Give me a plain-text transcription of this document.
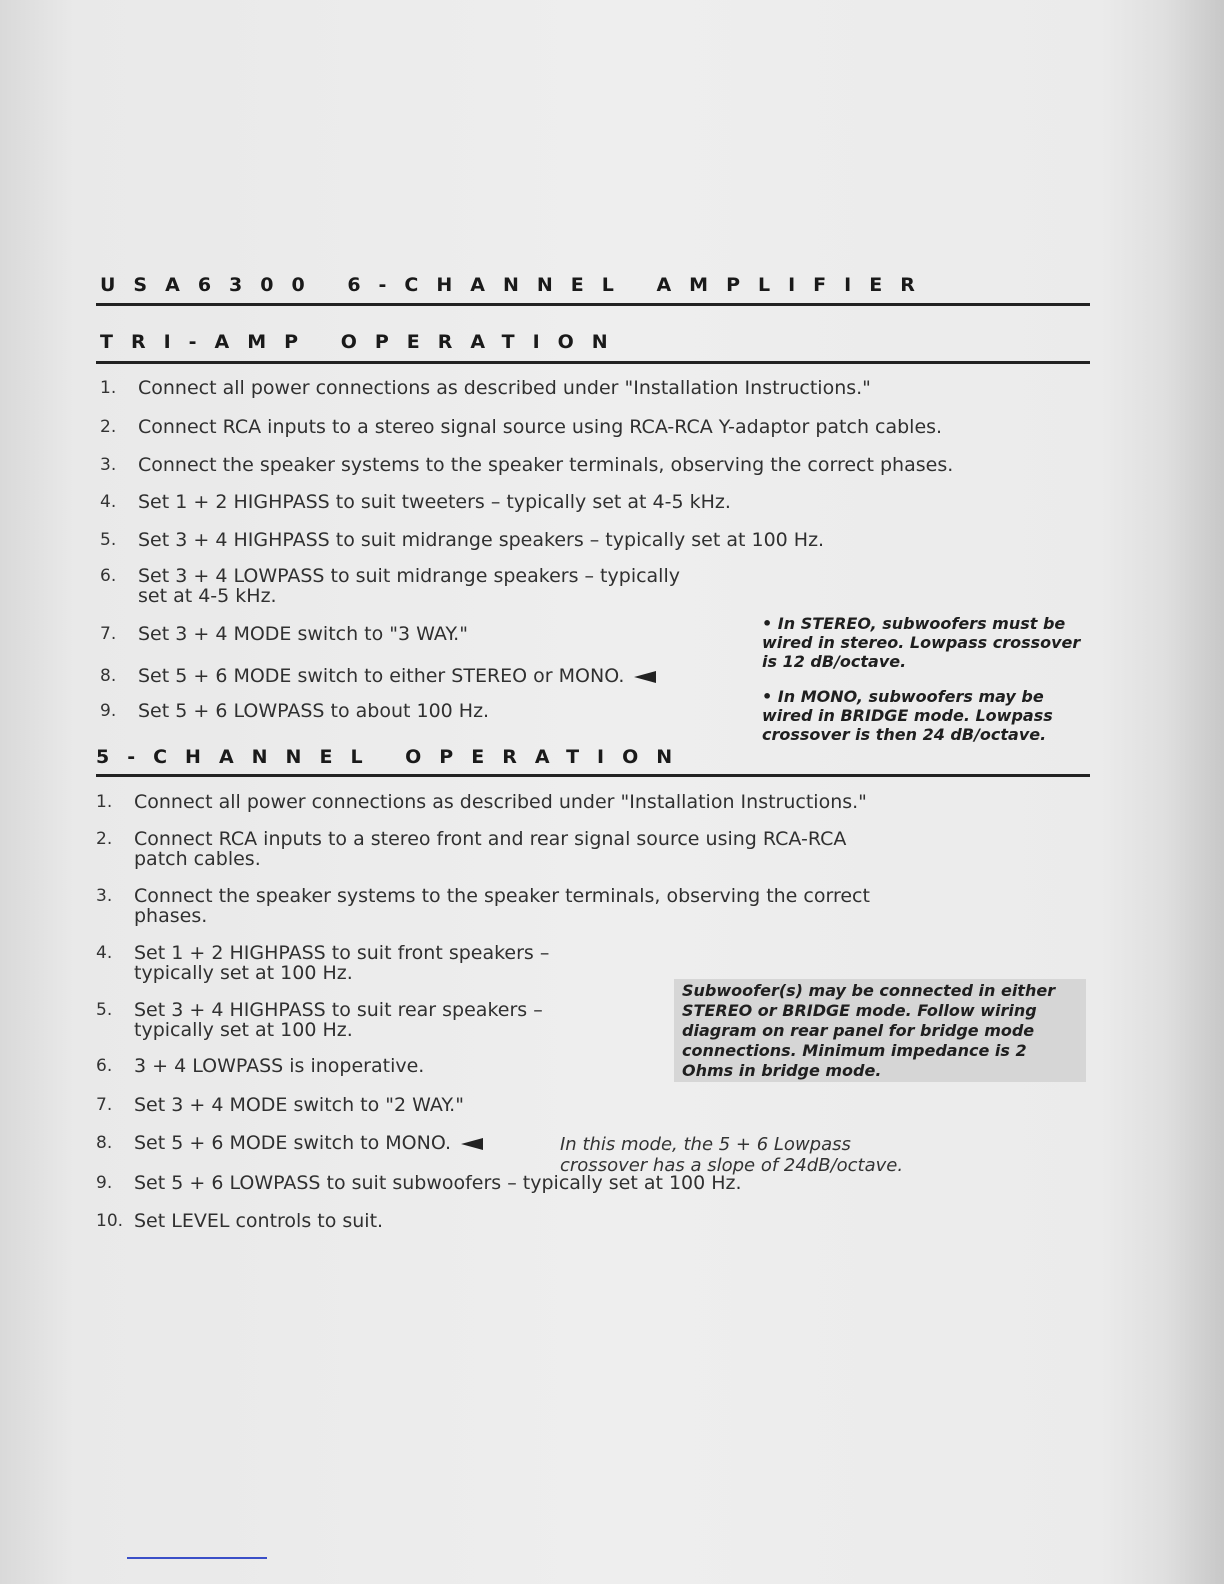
USA6300 6-CHANNEL AMPLIFIER
TRI-AMP OPERATION
1.	Connect all power connections as described under "Installation Instructions."
2.	Connect RCA inputs to a stereo signal source using RCA-RCA Y-adaptor patch cables.
3.	Connect the speaker systems to the speaker terminals, observing the correct phases.
4.	Set 1 + 2 HIGHPASS to suit tweeters – typically set at 4-5 kHz.
5.	Set 3 + 4 HIGHPASS to suit midrange speakers – typically set at 100 Hz.
6.	Set 3 + 4 LOWPASS to suit midrange speakers – typically
set at 4-5 kHz.
7.	Set 3 + 4 MODE switch to "3 WAY."
8.	Set 5 + 6 MODE switch to either STEREO or MONO.
9.	Set 5 + 6 LOWPASS to about 100 Hz.
• In STEREO, subwoofers must be wired in stereo. Lowpass crossover is 12 dB/octave.
• In MONO, subwoofers may be wired in BRIDGE mode. Lowpass crossover is then 24 dB/octave.
5-CHANNEL OPERATION
1.	Connect all power connections as described under "Installation Instructions."
2.	Connect RCA inputs to a stereo front and rear signal source using RCA-RCA
patch cables.
3.	Connect the speaker systems to the speaker terminals, observing the correct
phases.
4.	Set 1 + 2 HIGHPASS to suit front speakers –
typically set at 100 Hz.
5.	Set 3 + 4 HIGHPASS to suit rear speakers –
typically set at 100 Hz.
6.	3 + 4 LOWPASS is inoperative.
7.	Set 3 + 4 MODE switch to "2 WAY."
8.	Set 5 + 6 MODE switch to MONO.
9.	Set 5 + 6 LOWPASS to suit subwoofers – typically set at 100 Hz.
10. Set LEVEL controls to suit.
Subwoofer(s) may be connected in either STEREO or BRIDGE mode. Follow wiring diagram on rear panel for bridge mode connections. Minimum impedance is 2 Ohms in bridge mode.
In this mode, the 5 + 6 Lowpass
crossover has a slope of 24dB/octave.
